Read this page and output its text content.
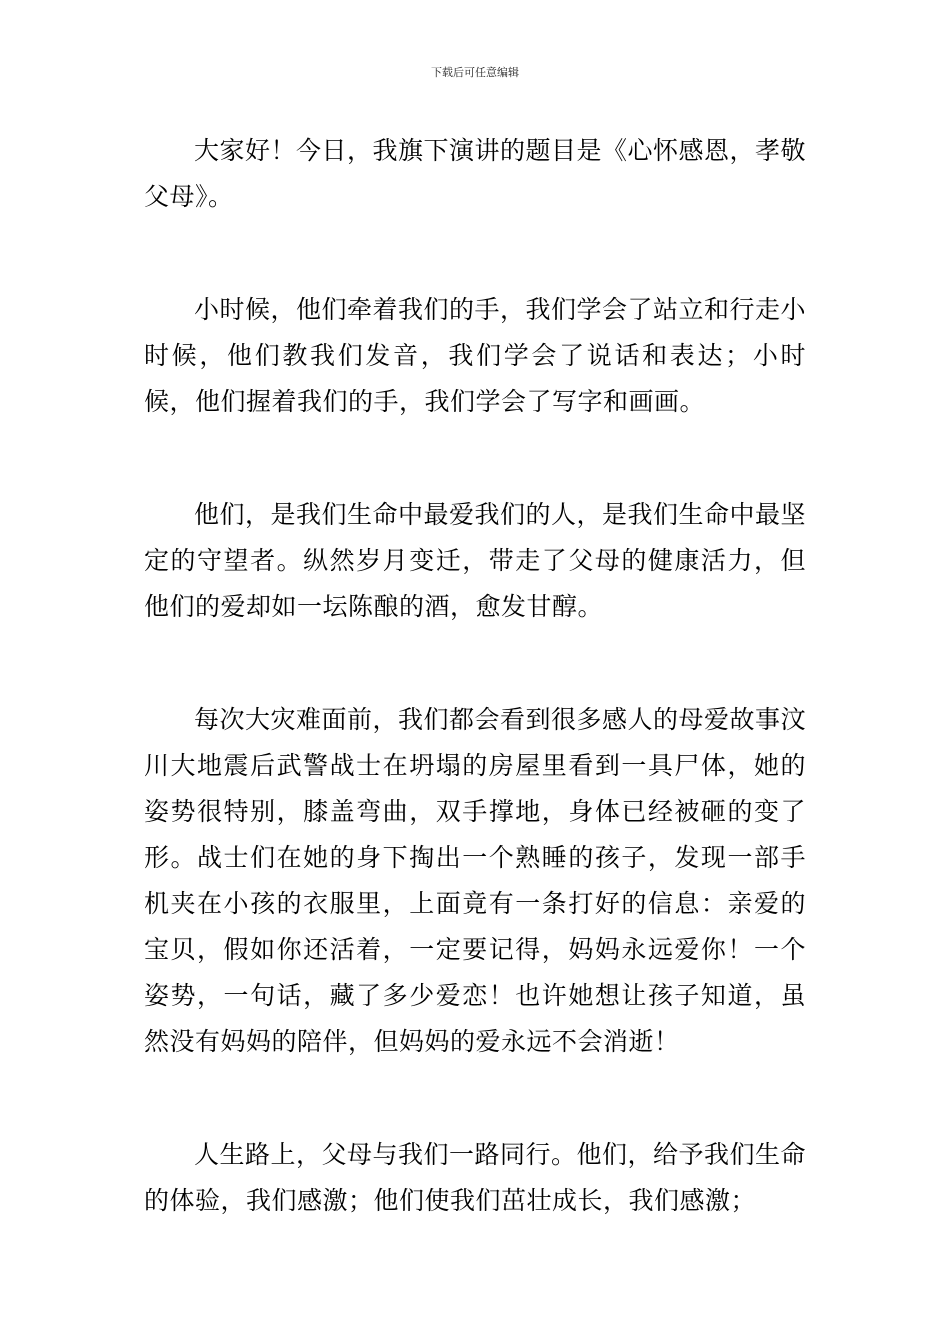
下载后可任意编辑

大家好！今日，我旗下演讲的题目是《心怀感恩，孝敬父母》。

小时候，他们牵着我们的手，我们学会了站立和行走小时候，他们教我们发音，我们学会了说话和表达；小时候，他们握着我们的手，我们学会了写字和画画。

他们，是我们生命中最爱我们的人，是我们生命中最坚定的守望者。纵然岁月变迁，带走了父母的健康活力，但他们的爱却如一坛陈酿的酒，愈发甘醇。

每次大灾难面前，我们都会看到很多感人的母爱故事汶川大地震后武警战士在坍塌的房屋里看到一具尸体，她的姿势很特别，膝盖弯曲，双手撑地，身体已经被砸的变了形。战士们在她的身下掏出一个熟睡的孩子，发现一部手机夹在小孩的衣服里，上面竟有一条打好的信息：亲爱的宝贝，假如你还活着，一定要记得，妈妈永远爱你！一个姿势，一句话，藏了多少爱恋！也许她想让孩子知道，虽然没有妈妈的陪伴，但妈妈的爱永远不会消逝！

人生路上，父母与我们一路同行。他们，给予我们生命的体验，我们感激；他们使我们茁壮成长，我们感激；
